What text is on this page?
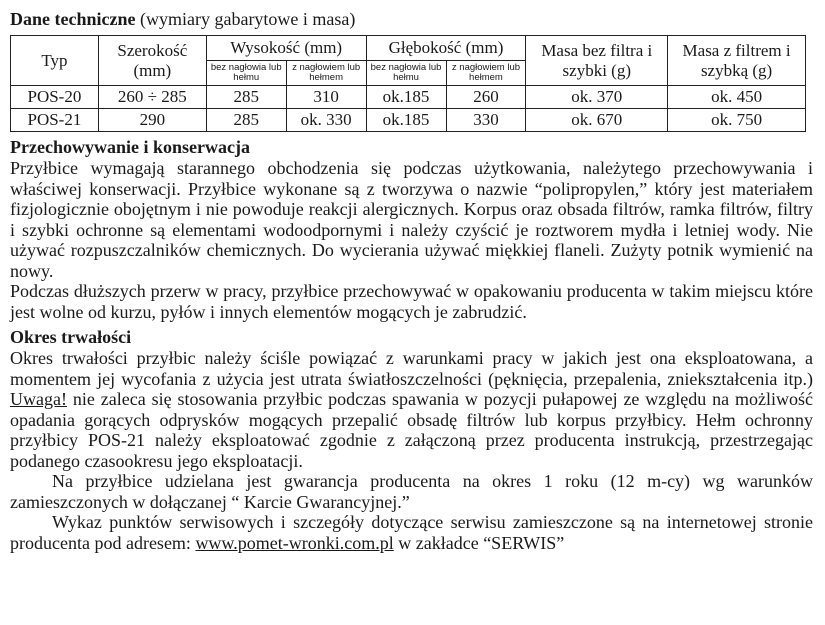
Dane techniczne (wymiary gabarytowe i masa)
Typ	Szerokość (mm)	Wysokość (mm)		Głębokość (mm)		Masa bez filtra i szybki (g)	Masa z filtrem i szybką (g)
		bez nagłowia lub hełmu	z nagłowiem lub hełmem	bez nagłowia lub hełmu	z nagłowiem lub hełmem		
POS-20	260 ÷ 285	285	310	ok.185	260	ok. 370	ok. 450
POS-21	290	285	ok. 330	ok.185	330	ok. 670	ok. 750
Przechowywanie i konserwacja

Przyłbice wymagają starannego obchodzenia się podczas użytkowania, należytego przechowywania i właściwej konserwacji. Przyłbice wykonane są z tworzywa o nazwie “polipropylen,” który jest materiałem fizjologicznie obojętnym i nie powoduje reakcji alergicznych. Korpus oraz obsada filtrów, ramka filtrów, filtry i szybki ochronne są elementami wodoodpornymi i należy czyścić je roztworem mydła i letniej wody. Nie używać rozpuszczalników chemicznych. Do wycierania używać miękkiej flaneli. Zużyty potnik wymienić na nowy.

Podczas dłuższych przerw w pracy, przyłbice przechowywać w opakowaniu producenta w takim miejscu które jest wolne od kurzu, pyłów i innych elementów mogących je zabrudzić.

Okres trwałości

Okres trwałości przyłbic należy ściśle powiązać z warunkami pracy w jakich jest ona eksploatowana, a momentem jej wycofania z użycia jest utrata światłoszczelności (pęknięcia, przepalenia, zniekształcenia itp.) Uwaga! nie zaleca się stosowania przyłbic podczas spawania w pozycji pułapowej ze względu na możliwość opadania gorących odprysków mogących przepalić obsadę filtrów lub korpus przyłbicy. Hełm ochronny przyłbicy POS-21 należy eksploatować zgodnie z załączoną przez producenta instrukcją, przestrzegając podanego czasookresu jego eksploatacji.

Na przyłbice udzielana jest gwarancja producenta na okres 1 roku (12 m-cy) wg warunków zamieszczonych w dołączanej “ Karcie Gwarancyjnej.”

Wykaz punktów serwisowych i szczegóły dotyczące serwisu zamieszczone są na internetowej stronie producenta pod adresem: www.pomet-wronki.com.pl w zakładce “SERWIS”
